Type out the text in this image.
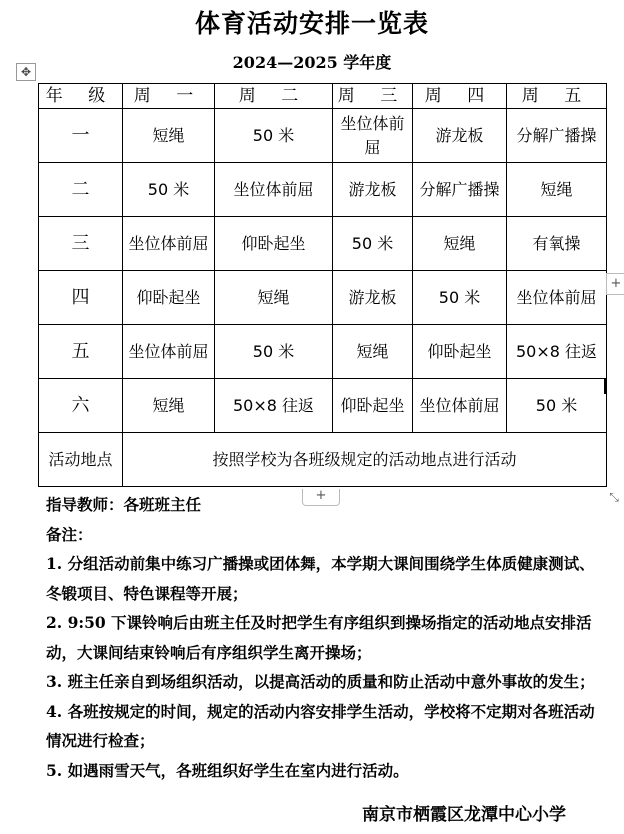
体育活动安排一览表
2024—2025 学年度
✥
年 级	周 一	周 二	周 三	周 四	周 五
一	短绳	50 米	坐位体前屈	游龙板	分解广播操
二	50 米	坐位体前屈	游龙板	分解广播操	短绳
三	坐位体前屈	仰卧起坐	50 米	短绳	有氧操
四	仰卧起坐	短绳	游龙板	50 米	坐位体前屈
五	坐位体前屈	50 米	短绳	仰卧起坐	50×8 往返
六	短绳	50×8 往返	仰卧起坐	坐位体前屈	50 米
活动地点	按照学校为各班级规定的活动地点进行活动				
+
+	⤡

指导教师：各班班主任

备注：

1. 分组活动前集中练习广播操或团体舞，本学期大课间围绕学生体质健康测试、冬锻项目、特色课程等开展；

2. 9:50 下课铃响后由班主任及时把学生有序组织到操场指定的活动地点安排活动，大课间结束铃响后有序组织学生离开操场；

3. 班主任亲自到场组织活动，以提高活动的质量和防止活动中意外事故的发生；

4. 各班按规定的时间，规定的活动内容安排学生活动，学校将不定期对各班活动情况进行检查；

5. 如遇雨雪天气，各班组织好学生在室内进行活动。

南京市栖霞区龙潭中心小学
